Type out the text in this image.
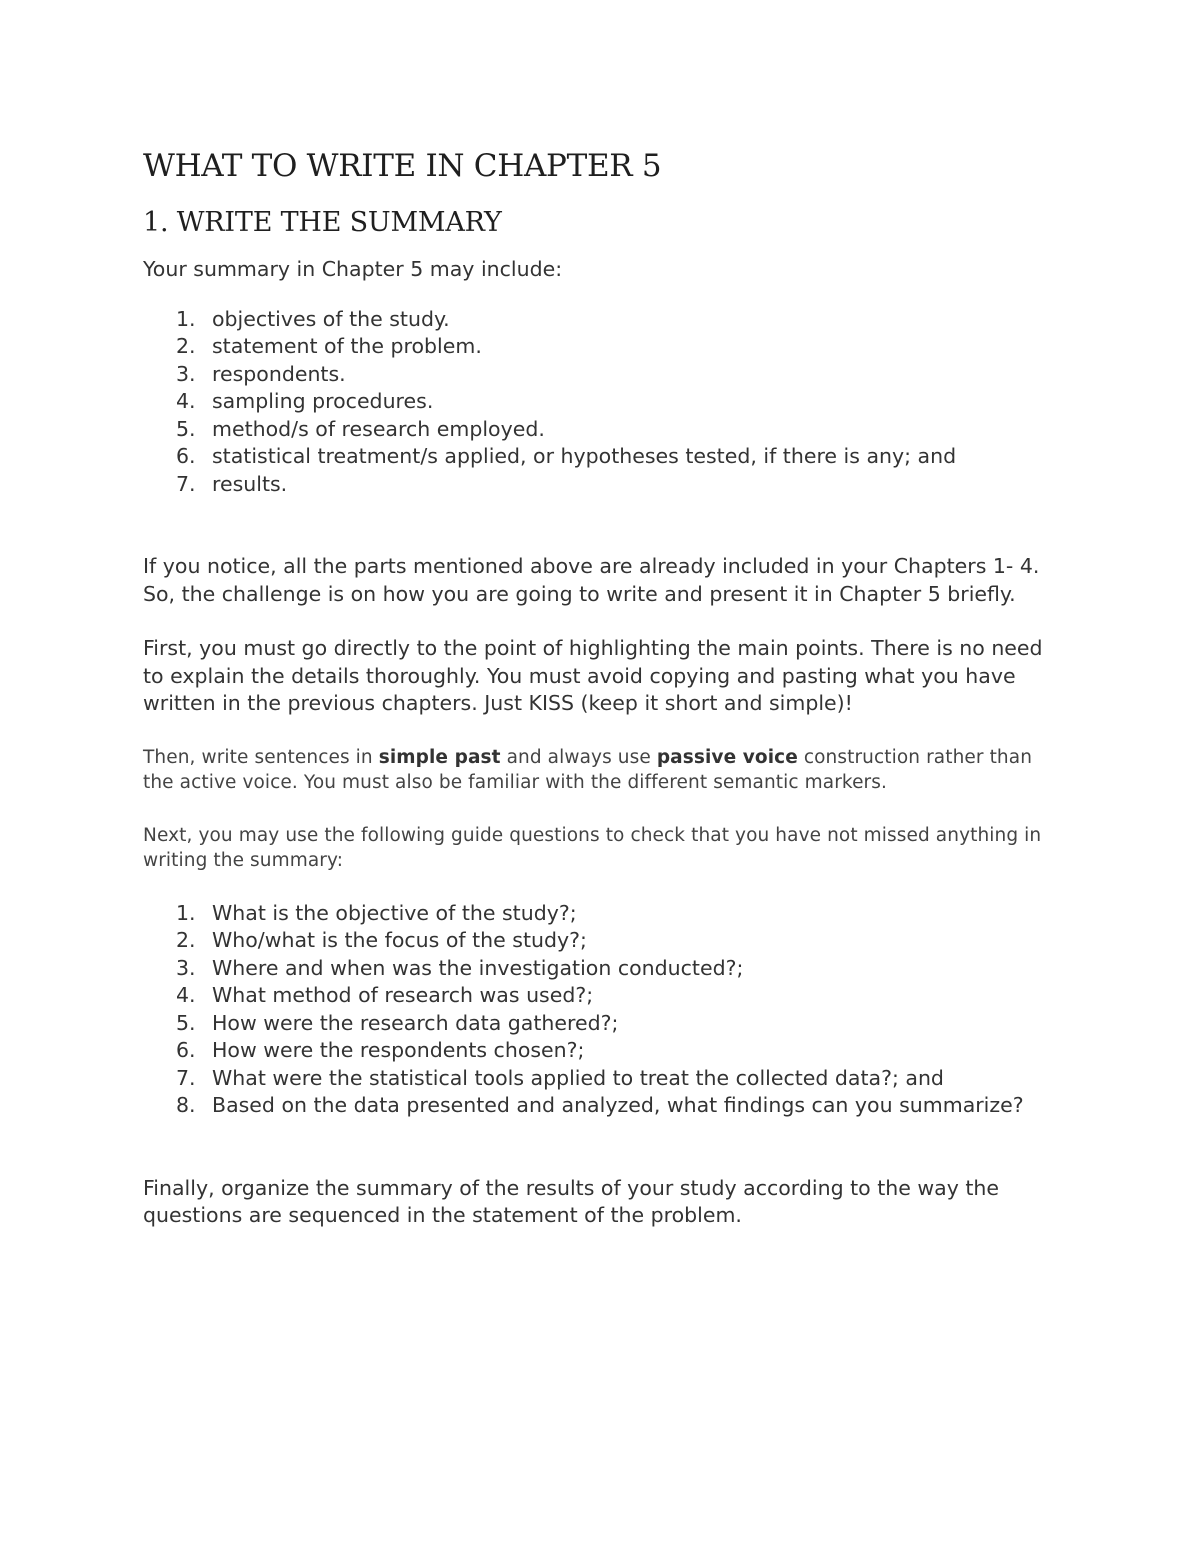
WHAT TO WRITE IN CHAPTER 5
1. WRITE THE SUMMARY

Your summary in Chapter 5 may include:

1. objectives of the study.
2. statement of the problem.
3. respondents.
4. sampling procedures.
5. method/s of research employed.
6. statistical treatment/s applied, or hypotheses tested, if there is any; and
7. results.

If you notice, all the parts mentioned above are already included in your Chapters 1- 4. So, the challenge is on how you are going to write and present it in Chapter 5 briefly.

First, you must go directly to the point of highlighting the main points. There is no need to explain the details thoroughly. You must avoid copying and pasting what you have written in the previous chapters. Just KISS (keep it short and simple)!

Then, write sentences in simple past and always use passive voice construction rather than the active voice. You must also be familiar with the different semantic markers.

Next, you may use the following guide questions to check that you have not missed anything in writing the summary:

1. What is the objective of the study?;
2. Who/what is the focus of the study?;
3. Where and when was the investigation conducted?;
4. What method of research was used?;
5. How were the research data gathered?;
6. How were the respondents chosen?;
7. What were the statistical tools applied to treat the collected data?; and
8. Based on the data presented and analyzed, what findings can you summarize?

Finally, organize the summary of the results of your study according to the way the questions are sequenced in the statement of the problem.
